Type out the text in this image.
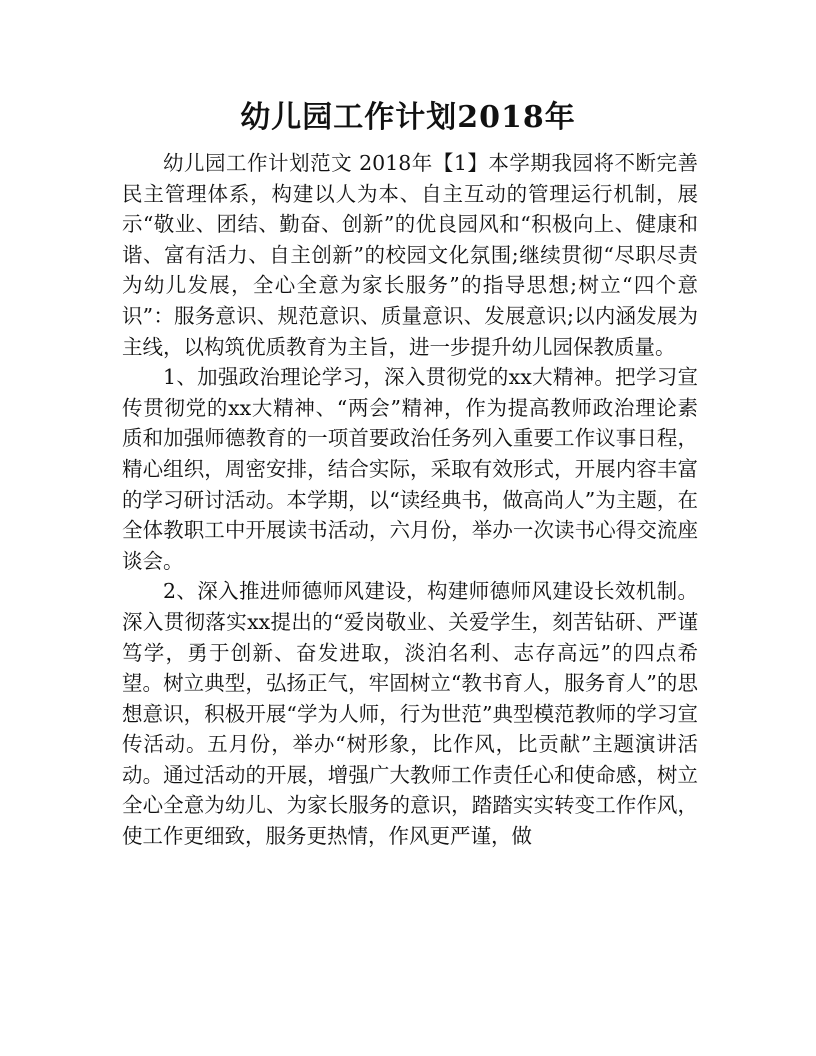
幼儿园工作计划2018年

幼儿园工作计划范文 2018年【1】本学期我园将不断完善民主管理体系，构建以人为本、自主互动的管理运行机制，展示“敬业、团结、勤奋、创新”的优良园风和“积极向上、健康和谐、富有活力、自主创新”的校园文化氛围;继续贯彻“尽职尽责为幼儿发展，全心全意为家长服务”的指导思想;树立“四个意识”：服务意识、规范意识、质量意识、发展意识;以内涵发展为主线，以构筑优质教育为主旨，进一步提升幼儿园保教质量。

1、加强政治理论学习，深入贯彻党的xx大精神。把学习宣传贯彻党的xx大精神、“两会”精神，作为提高教师政治理论素质和加强师德教育的一项首要政治任务列入重要工作议事日程，精心组织，周密安排，结合实际，采取有效形式，开展内容丰富的学习研讨活动。本学期，以“读经典书，做高尚人”为主题，在全体教职工中开展读书活动，六月份，举办一次读书心得交流座谈会。

2、深入推进师德师风建设，构建师德师风建设长效机制。深入贯彻落实xx提出的“爱岗敬业、关爱学生，刻苦钻研、严谨笃学，勇于创新、奋发进取，淡泊名利、志存高远”的四点希望。树立典型，弘扬正气，牢固树立“教书育人，服务育人”的思想意识，积极开展“学为人师，行为世范”典型模范教师的学习宣传活动。五月份，举办“树形象，比作风，比贡献”主题演讲活动。通过活动的开展，增强广大教师工作责任心和使命感，树立全心全意为幼儿、为家长服务的意识，踏踏实实转变工作作风，使工作更细致，服务更热情，作风更严谨，做
